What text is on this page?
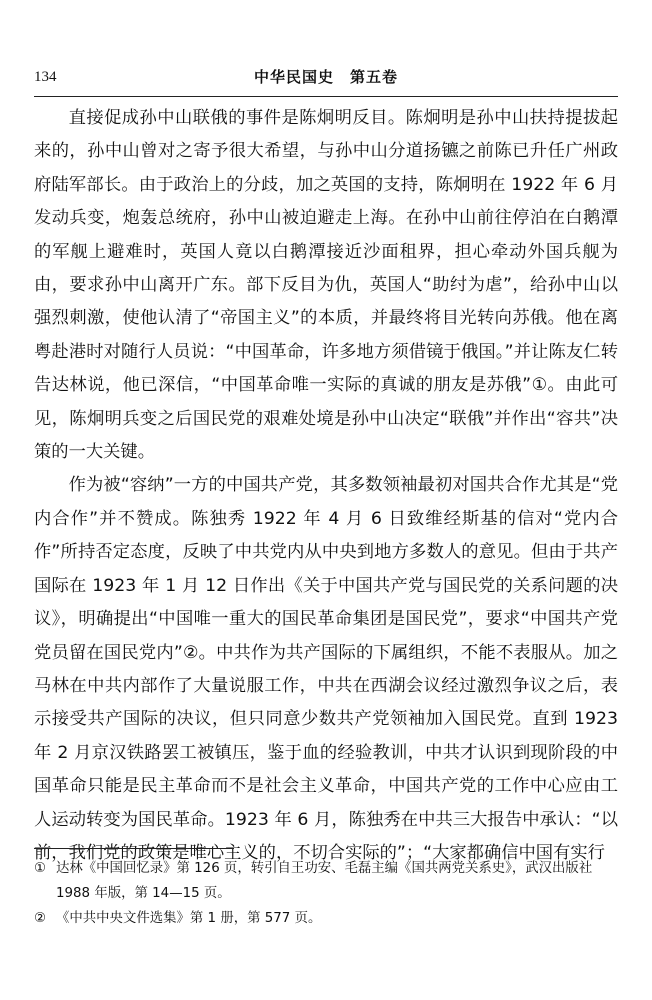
134	中华民国史　第五卷

直接促成孙中山联俄的事件是陈炯明反目。陈炯明是孙中山扶持提拔起来的，孙中山曾对之寄予很大希望，与孙中山分道扬镳之前陈已升任广州政府陆军部长。由于政治上的分歧，加之英国的支持，陈炯明在 1922 年 6 月发动兵变，炮轰总统府，孙中山被迫避走上海。在孙中山前往停泊在白鹅潭的军舰上避难时，英国人竟以白鹅潭接近沙面租界，担心牵动外国兵舰为由，要求孙中山离开广东。部下反目为仇，英国人“助纣为虐”，给孙中山以强烈刺激，使他认清了“帝国主义”的本质，并最终将目光转向苏俄。他在离粤赴港时对随行人员说：“中国革命，许多地方须借镜于俄国。”并让陈友仁转告达林说，他已深信，“中国革命唯一实际的真诚的朋友是苏俄”①。由此可见，陈炯明兵变之后国民党的艰难处境是孙中山决定“联俄”并作出“容共”决策的一大关键。

作为被“容纳”一方的中国共产党，其多数领袖最初对国共合作尤其是“党内合作”并不赞成。陈独秀 1922 年 4 月 6 日致维经斯基的信对“党内合作”所持否定态度，反映了中共党内从中央到地方多数人的意见。但由于共产国际在 1923 年 1 月 12 日作出《关于中国共产党与国民党的关系问题的决议》，明确提出“中国唯一重大的国民革命集团是国民党”，要求“中国共产党党员留在国民党内”②。中共作为共产国际的下属组织，不能不表服从。加之马林在中共内部作了大量说服工作，中共在西湖会议经过激烈争议之后，表示接受共产国际的决议，但只同意少数共产党领袖加入国民党。直到 1923 年 2 月京汉铁路罢工被镇压，鉴于血的经验教训，中共才认识到现阶段的中国革命只能是民主革命而不是社会主义革命，中国共产党的工作中心应由工人运动转变为国民革命。1923 年 6 月，陈独秀在中共三大报告中承认：“以前，我们党的政策是唯心主义的，不切合实际的”；“大家都确信中国有实行

① 达林《中国回忆录》第 126 页，转引自王功安、毛磊主编《国共两党关系史》，武汉出版社 1988 年版，第 14—15 页。

② 《中共中央文件选集》第 1 册，第 577 页。
